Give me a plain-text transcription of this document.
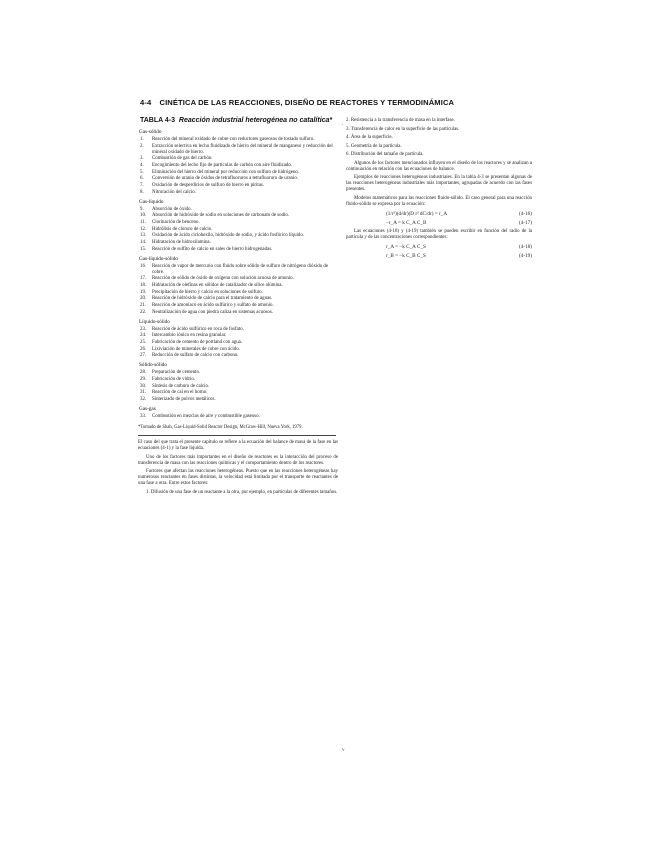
4-4 CINÉTICA DE LAS REACCIONES, DISEÑO DE REACTORES Y TERMODINÁMICA
TABLA 4-3 Reacción industrial heterogénea no catalítica*
Gas-sólido
1.	Reacción del mineral oxidado de cobre con reductores gaseosos de tostado sulfuro.
2.	Extracción selectiva en lecho fluidizado de hierro del mineral de manganeso y reducción del mineral oxidado de hierro.
3.	Combustión de gas del carbón.
4.	Encogimiento del lecho fijo de partículas de carbón con aire fluidizado.
5.	Eliminación del hierro del mineral por reducción con sulfuro de hidrógeno.
6.	Conversión de uranio de óxidos de tetrafluoruros a tetrafluoruro de uranio.
7.	Oxidación de desperdicios de sulfuro de hierro en piritas.
8.	Nitruración del calcio.
Gas-líquido
9.	Absorción de óxido.
10.	Absorción de hidróxido de sodio en soluciones de carbonato de sodio.
11.	Clorinación de benceno.
12.	Hidrólisis de cloruro de calcio.
13.	Oxidación de ácido ciclohexilo, hidróxido de sodio, y ácido fosfórico líquido.
14.	Hidratación de hidroxilamina.
15.	Reacción de sulfito de calcio en sales de hierro hidrogenadas.
Gas-líquido-sólido
16.	Reacción de vapor de mercurio con fluido sobre sólido de sulfuro de nitrógeno dióxido de cobre.
17.	Reacción de sólido de óxido de oxígeno con solución acuosa de amonio.
18.	Hidratación de olefinas en sólidos de catalizador de sílice alúmina.
19.	Precipitación de hierro y calcio en soluciones de sulfuro.
20.	Reacción de hidróxido de calcio para el tratamiento de aguas.
21.	Reacción de amoníaco en ácido sulfúrico y sulfato de amonio.
22.	Neutralización de agua con piedra caliza en sistemas acuosos.
Líquido-sólido
23.	Reacción de ácido sulfúrico en roca de fosfato.
24.	Intercambio iónico en resina granular.
25.	Fabricación de cemento de portland con agua.
26.	Lixiviación de minerales de cobre con ácido.
27.	Reducción de sulfato de calcio con carbono.
Sólido-sólido
28.	Preparación de cemento.
29.	Fabricación de vidrio.
30.	Síntesis de carburo de calcio.
31.	Reacción de cal en el horno.
32.	Sinterizado de polvos metálicos.
Gas-gas
33.	Combustión en mezclas de aire y combustible gaseoso.
*Tomado de Shah, Gas-Liquid-Solid Reactor Design, McGraw-Hill, Nueva York, 1979.

El caso del que trata el presente capítulo se refiere a la ecuación del balance de masa de la fase en las ecuaciones (4-1) y la fase líquida.

Uno de los factores más importantes en el diseño de reactores es la interacción del proceso de transferencia de masa con las reacciones químicas y el comportamiento dentro de los reactores.

Factores que afectan las reacciones heterogéneas. Puesto que en las reacciones heterogéneas hay numerosos reactantes en fases distintas, la velocidad está limitada por el transporte de reactantes de una fase a otra. Entre estos factores:

1. Difusión de una fase de un reactante a la otra, por ejemplo, en partículas de diferentes tamaños.

2. Resistencia a la transferencia de masa en la interfase.

3. Transferencia de calor en la superficie de las partículas.

4. Área de la superficie.

5. Geometría de la partícula.

6. Distribución del tamaño de partícula.

Algunos de los factores mencionados influyen en el diseño de los reactores y se analizan a continuación en relación con las ecuaciones de balance.

Ejemplos de reacciones heterogéneas industriales. En la tabla 4-3 se presentan algunas de las reacciones heterogéneas industriales más importantes, agrupadas de acuerdo con las fases presentes.

Modelos matemáticos para las reacciones fluido-sólido. El caso general para una reacción fluido-sólido se expresa por la ecuación:

(1/r²)(d/dr)(D r² dC/dr) = r_A	(4-16)
−r_A = k C_A C_B	(4-17)

Las ecuaciones (4-18) y (4-19) también se pueden escribir en función del radio de la partícula y de las concentraciones correspondientes:

r_A = −k C_A C_S	(4-18)
r_B = −k C_B C_S	(4-19)
.
v
